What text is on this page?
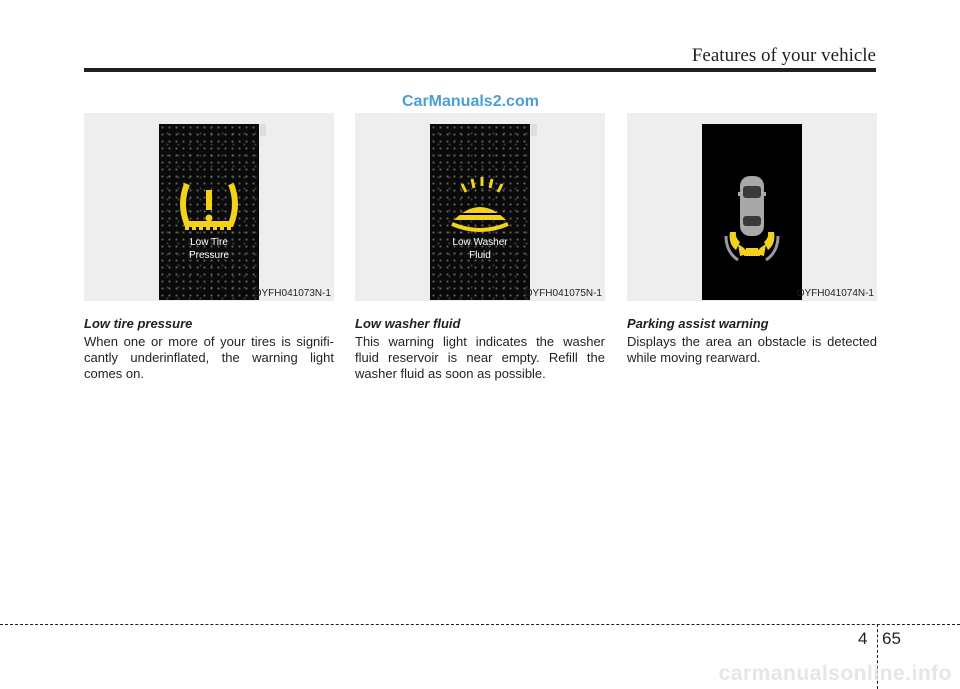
Features of your vehicle
CarManuals2.com
Low Tire
Pressure
OYFH041073N-1
Low Washer
Fluid
OYFH041075N-1	OYFH041074N-1
Low tire pressure
When one or more of your tires is signifi-cantly underinflated, the warning light comes on.
Low washer fluid
This warning light indicates the washer fluid reservoir is near empty. Refill the washer fluid as soon as possible.
Parking assist warning
Displays the area an obstacle is detected while moving rearward.
4 65
carmanualsonline.info
